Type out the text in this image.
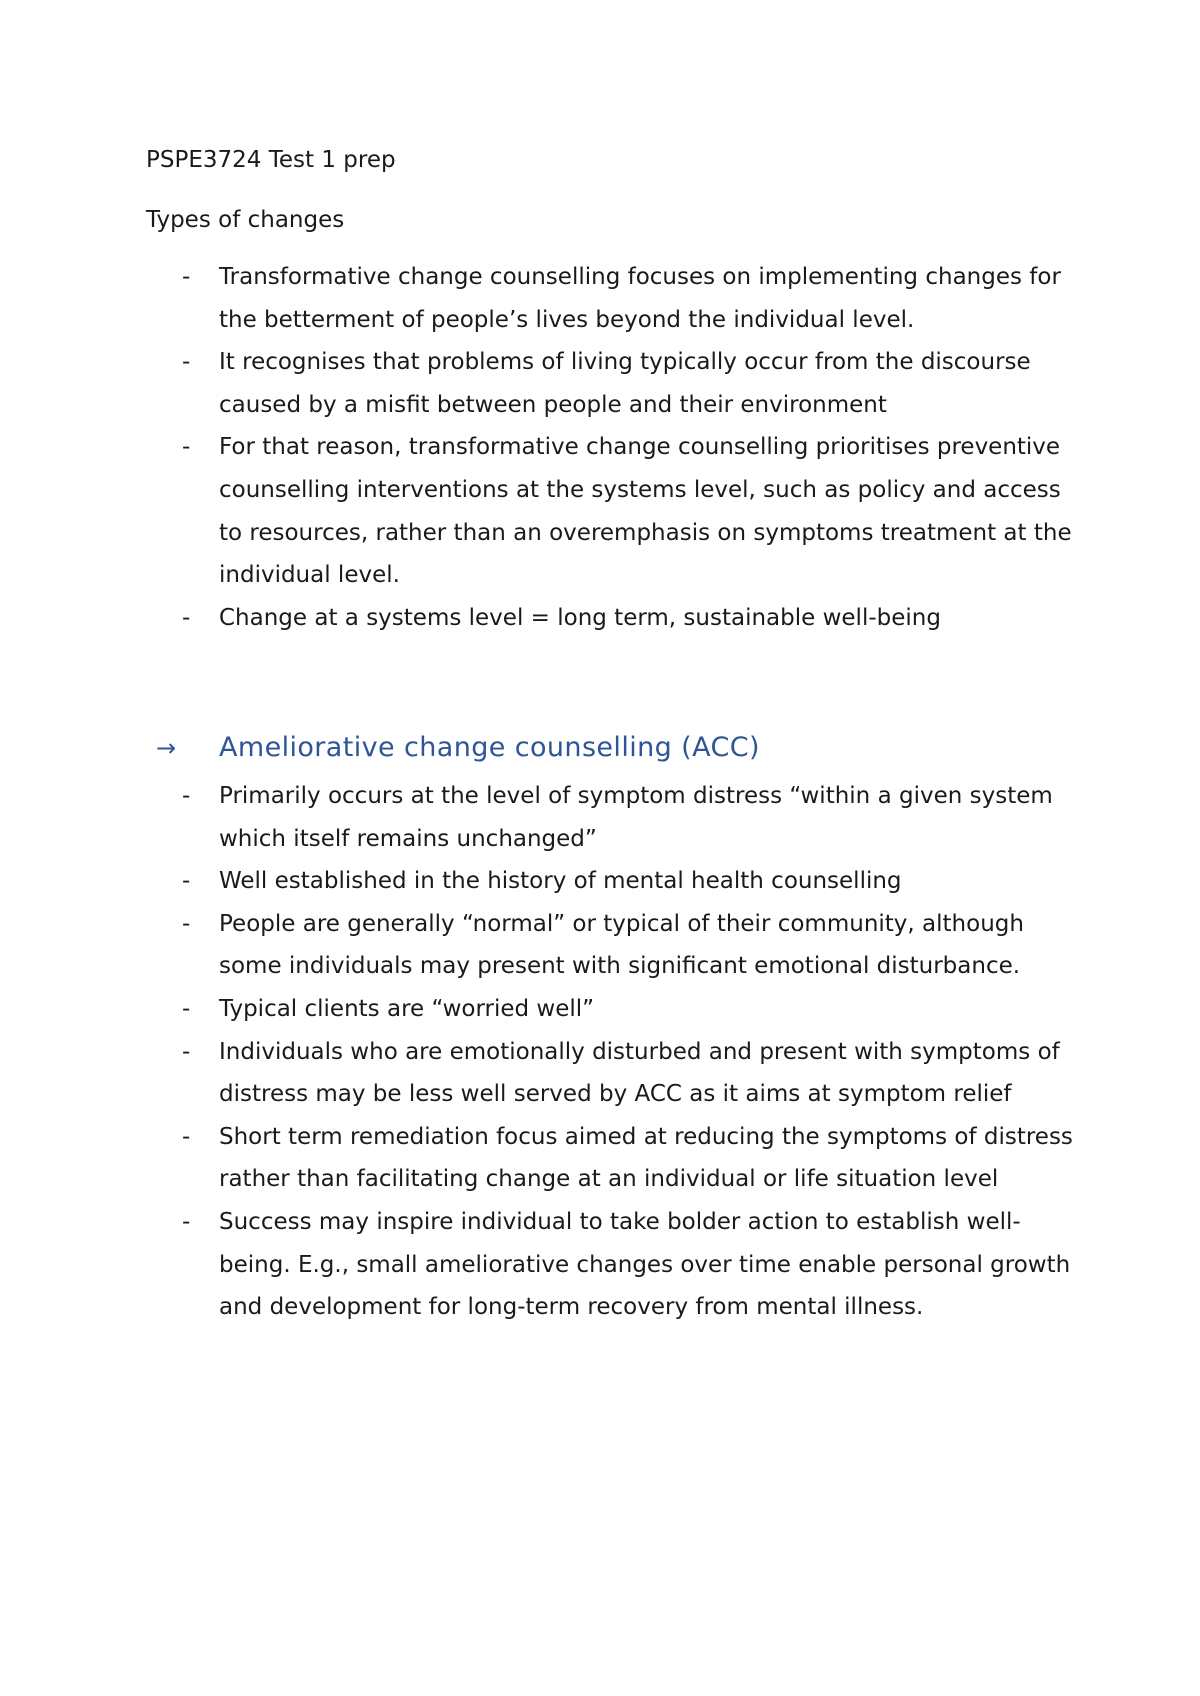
PSPE3724 Test 1 prep
Types of changes
- Transformative change counselling focuses on implementing changes for the betterment of people’s lives beyond the individual level.
- It recognises that problems of living typically occur from the discourse caused by a misfit between people and their environment
- For that reason, transformative change counselling prioritises preventive counselling interventions at the systems level, such as policy and access to resources, rather than an overemphasis on symptoms treatment at the individual level.
- Change at a systems level = long term, sustainable well-being
→ Ameliorative change counselling (ACC)
- Primarily occurs at the level of symptom distress “within a given system which itself remains unchanged”
- Well established in the history of mental health counselling
- People are generally “normal” or typical of their community, although some individuals may present with significant emotional disturbance.
- Typical clients are “worried well”
- Individuals who are emotionally disturbed and present with symptoms of distress may be less well served by ACC as it aims at symptom relief
- Short term remediation focus aimed at reducing the symptoms of distress rather than facilitating change at an individual or life situation level
- Success may inspire individual to take bolder action to establish well-being. E.g., small ameliorative changes over time enable personal growth and development for long-term recovery from mental illness.
